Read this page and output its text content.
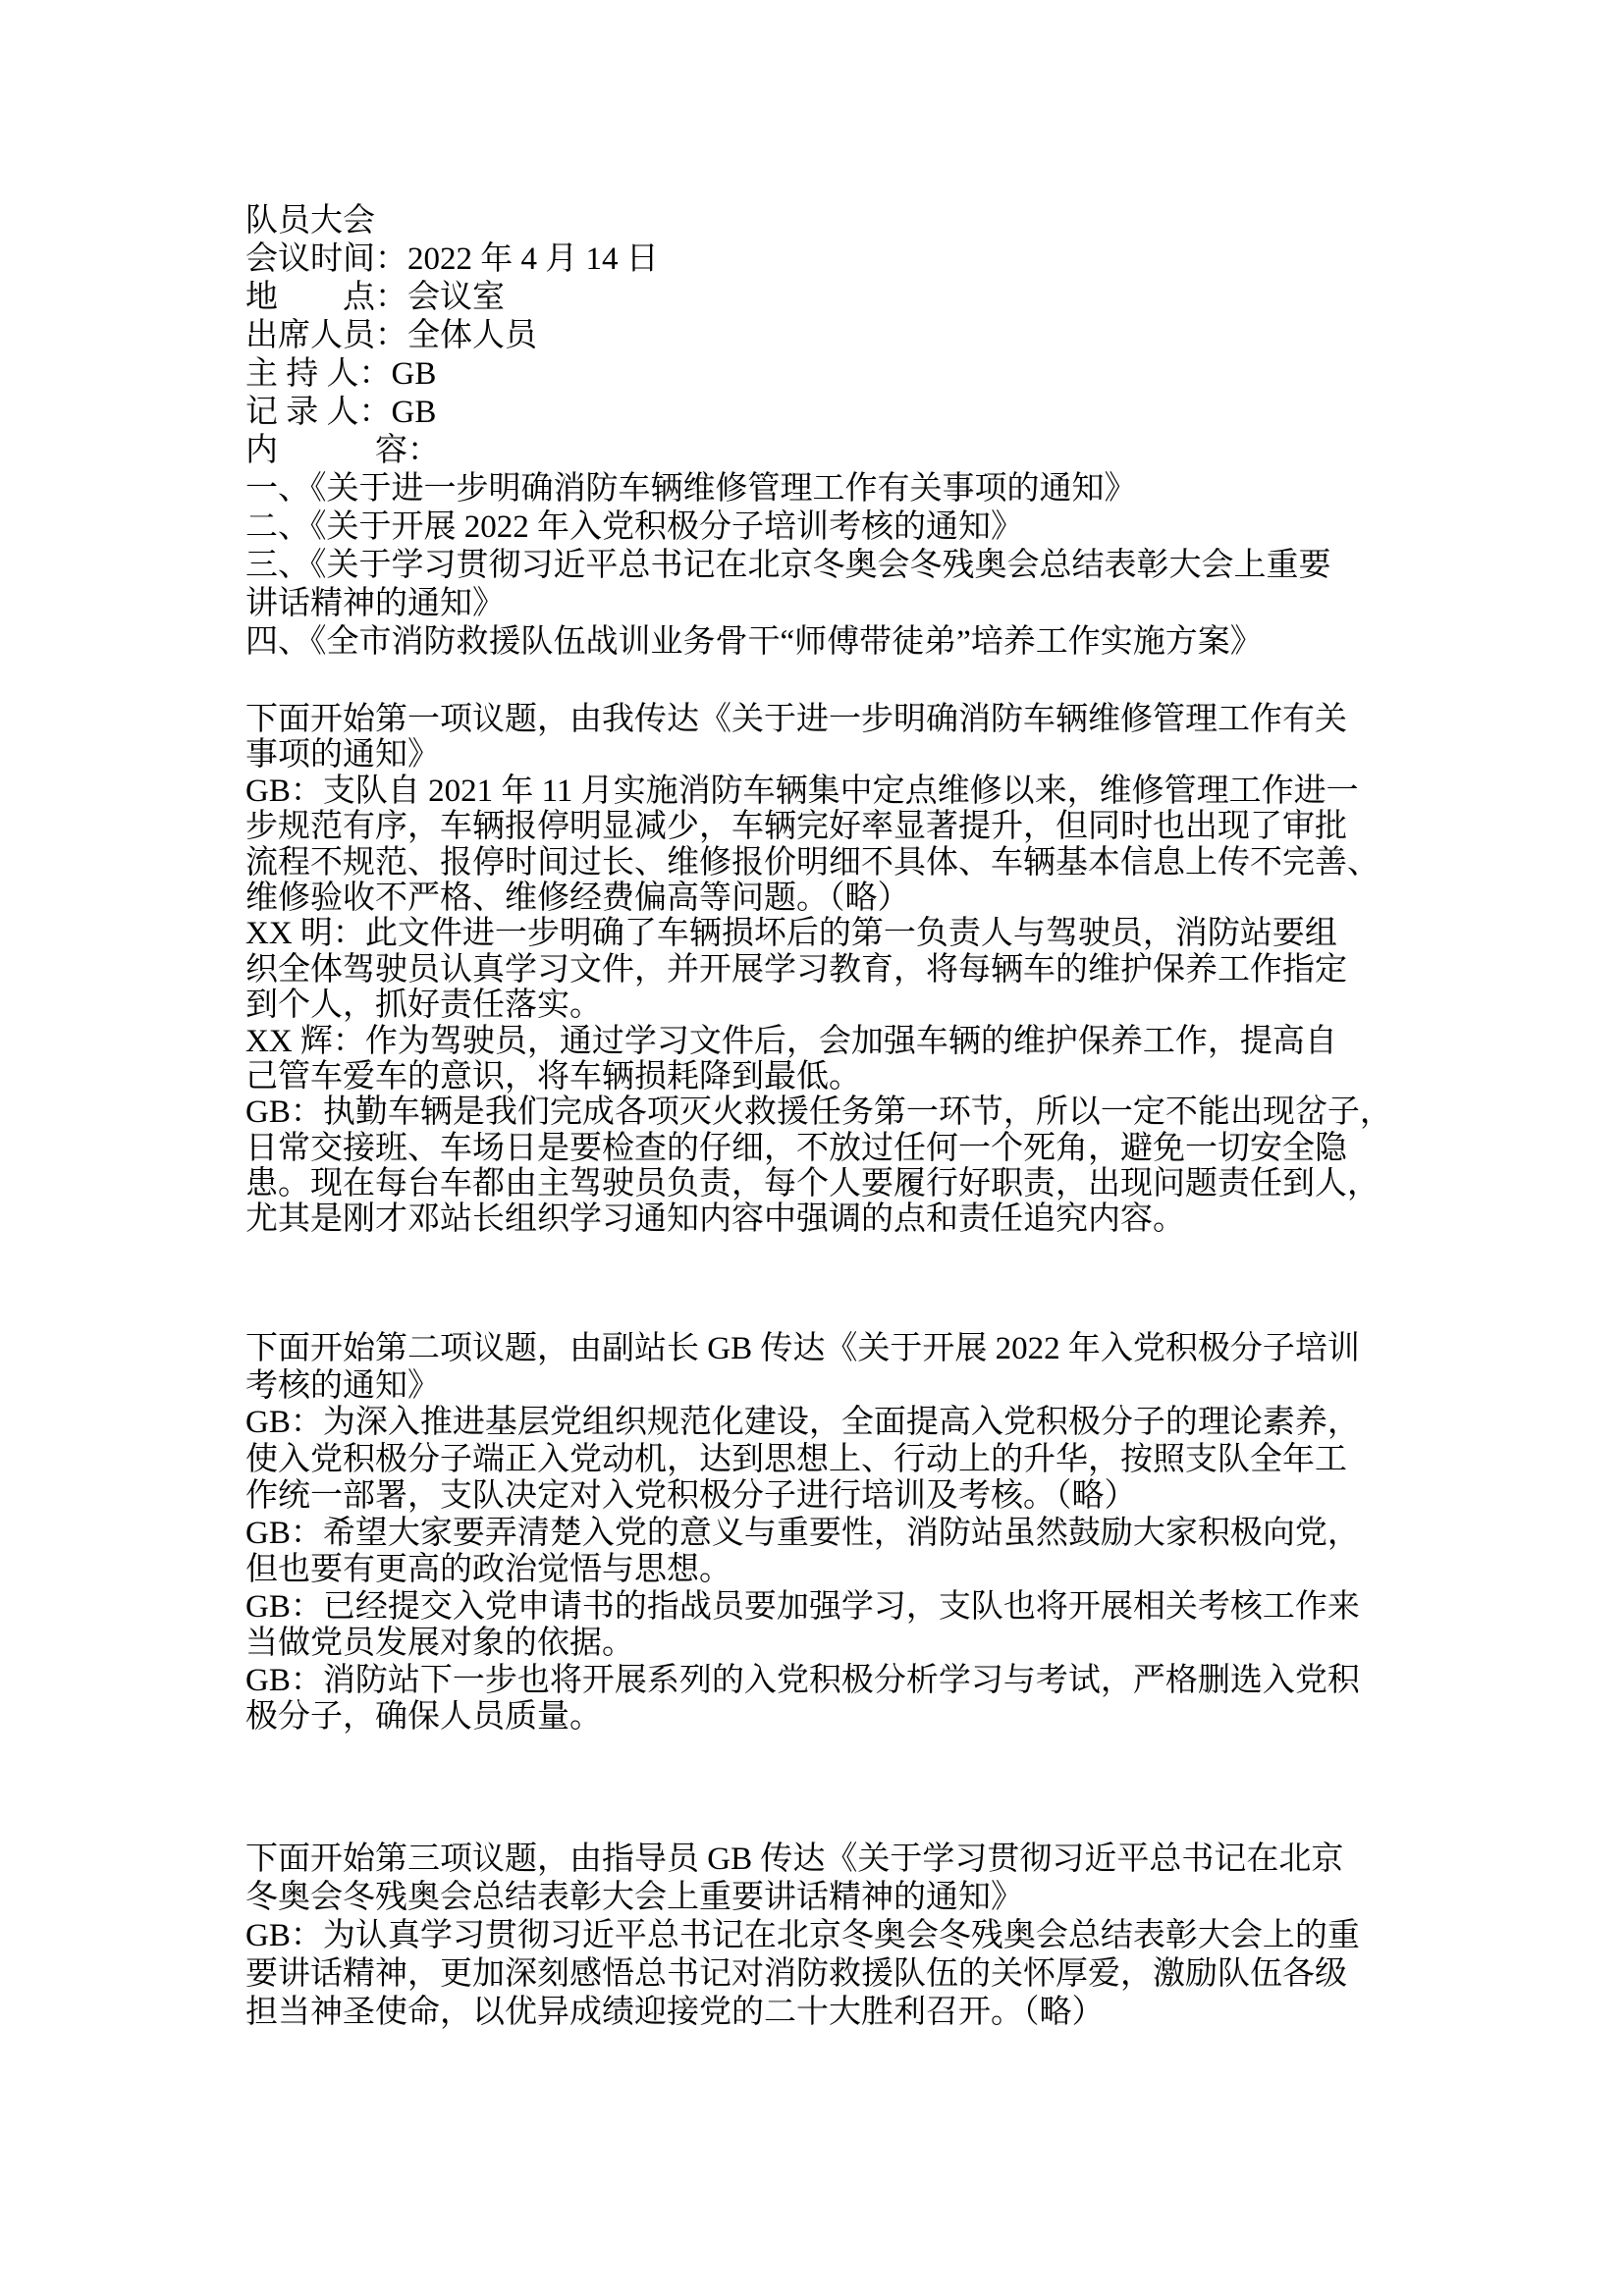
队员大会
会议时间：2022 年 4 月 14 日
地　　点：会议室
出席人员：全体人员
主 持 人：GB
记 录 人：GB
内　　　容：
一、《关于进一步明确消防车辆维修管理工作有关事项的通知》
二、《关于开展 2022 年入党积极分子培训考核的通知》
三、《关于学习贯彻习近平总书记在北京冬奥会冬残奥会总结表彰大会上重要
讲话精神的通知》
四、《全市消防救援队伍战训业务骨干“师傅带徒弟”培养工作实施方案》
下面开始第一项议题，由我传达《关于进一步明确消防车辆维修管理工作有关
事项的通知》
GB：支队自 2021 年 11 月实施消防车辆集中定点维修以来，维修管理工作进一
步规范有序，车辆报停明显减少，车辆完好率显著提升，但同时也出现了审批
流程不规范、报停时间过长、维修报价明细不具体、车辆基本信息上传不完善、
维修验收不严格、维修经费偏高等问题。（略）
XX 明：此文件进一步明确了车辆损坏后的第一负责人与驾驶员，消防站要组
织全体驾驶员认真学习文件，并开展学习教育，将每辆车的维护保养工作指定
到个人，抓好责任落实。
XX 辉：作为驾驶员，通过学习文件后，会加强车辆的维护保养工作，提高自
己管车爱车的意识，将车辆损耗降到最低。
GB：执勤车辆是我们完成各项灭火救援任务第一环节，所以一定不能出现岔子，
日常交接班、车场日是要检查的仔细，不放过任何一个死角，避免一切安全隐
患。现在每台车都由主驾驶员负责，每个人要履行好职责，出现问题责任到人，
尤其是刚才邓站长组织学习通知内容中强调的点和责任追究内容。
下面开始第二项议题，由副站长 GB 传达《关于开展 2022 年入党积极分子培训
考核的通知》
GB：为深入推进基层党组织规范化建设，全面提高入党积极分子的理论素养，
使入党积极分子端正入党动机，达到思想上、行动上的升华，按照支队全年工
作统一部署，支队决定对入党积极分子进行培训及考核。（略）
GB：希望大家要弄清楚入党的意义与重要性，消防站虽然鼓励大家积极向党，
但也要有更高的政治觉悟与思想。
GB：已经提交入党申请书的指战员要加强学习，支队也将开展相关考核工作来
当做党员发展对象的依据。
GB：消防站下一步也将开展系列的入党积极分析学习与考试，严格删选入党积
极分子，确保人员质量。
下面开始第三项议题，由指导员 GB 传达《关于学习贯彻习近平总书记在北京
冬奥会冬残奥会总结表彰大会上重要讲话精神的通知》
GB：为认真学习贯彻习近平总书记在北京冬奥会冬残奥会总结表彰大会上的重
要讲话精神，更加深刻感悟总书记对消防救援队伍的关怀厚爱，激励队伍各级
担当神圣使命，以优异成绩迎接党的二十大胜利召开。（略）
